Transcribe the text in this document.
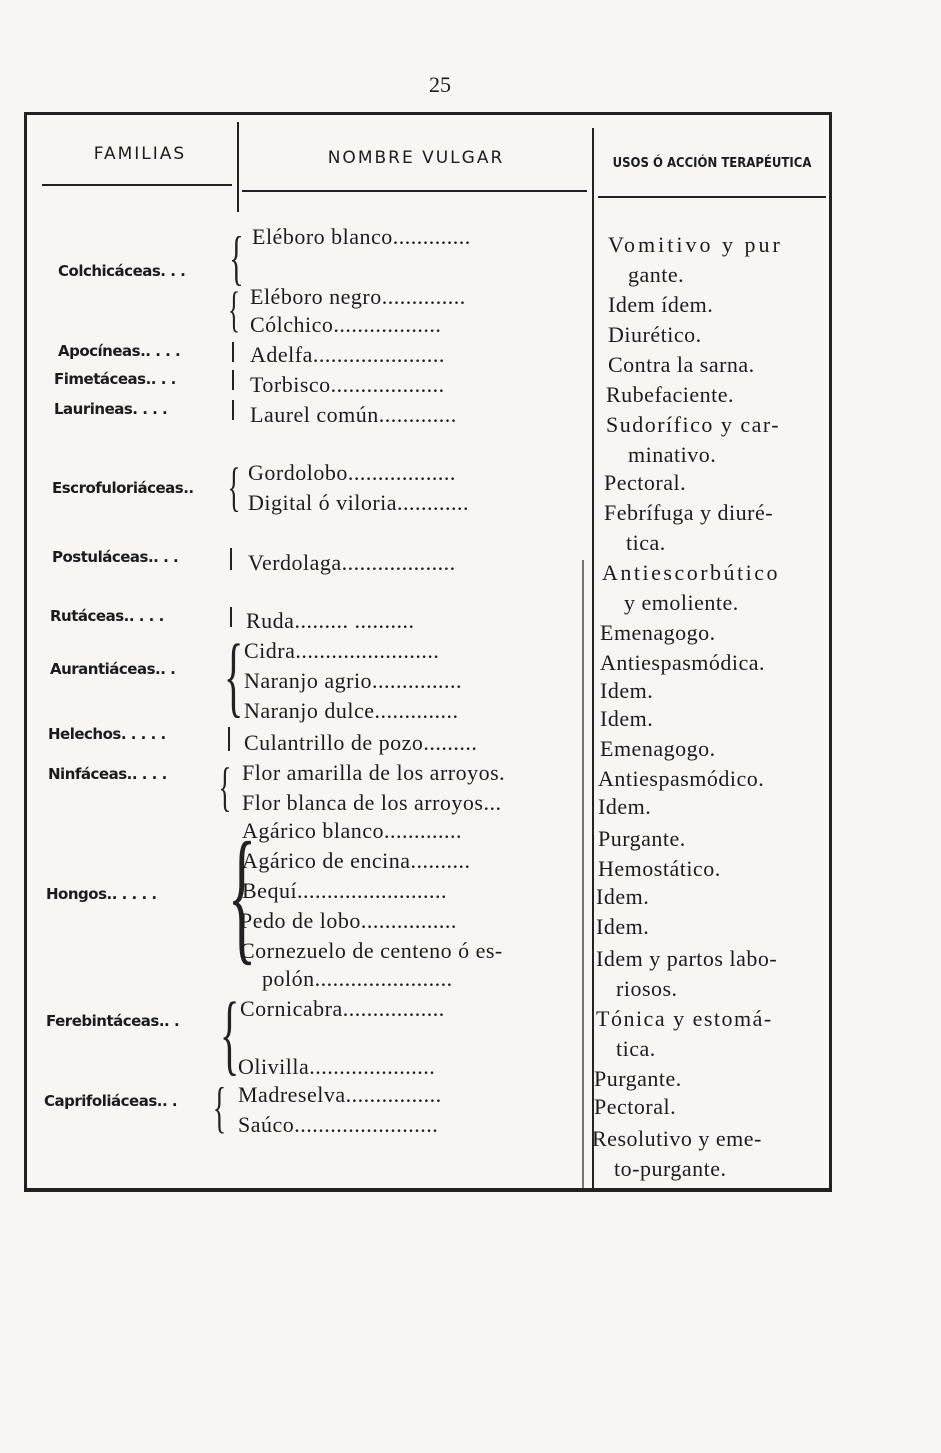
25
FAMILIAS	NOMBRE VULGAR	USOS Ó ACCIÓN TERAPÉUTICA
Colchicáceas. . .
Apocíneas.. . . .
Fimetáceas.. . .
Laurineas. . . .
Escrofuloriáceas..
Postuláceas.. . .
Rutáceas.. . . .
Aurantiáceas.. .
Helechos. . . . .
Ninfáceas.. . . .
Hongos.. . . . .
Ferebintáceas.. .
Caprifoliáceas.. .
{
{
{
{
{
{
{
{
Eléboro blanco.............
Eléboro negro..............
Cólchico..................
Adelfa......................
Torbisco...................
Laurel común.............
Gordolobo..................
Digital ó viloria............
Verdolaga...................
Ruda......... ..........
Cidra........................
Naranjo agrio...............
Naranjo dulce..............
Culantrillo de pozo.........
Flor amarilla de los arroyos.
Flor blanca de los arroyos...
Agárico blanco.............
Agárico de encina..........
Bequí.........................
Pedo de lobo................
Cornezuelo de centeno ó es-
polón.......................
Cornicabra.................
Olivilla.....................
Madreselva................
Saúco........................
Vomitivo y pur
gante.
Idem ídem.
Diurético.
Contra la sarna.
Rubefaciente.
Sudorífico y car-
minativo.
Pectoral.
Febrífuga y diuré-
tica.
Antiescorbútico
y emoliente.
Emenagogo.
Antiespasmódica.
Idem.
Idem.
Emenagogo.
Antiespasmódico.
Idem.
Purgante.
Hemostático.
Idem.
Idem.
Idem y partos labo-
riosos.
Tónica y estomá-
tica.
Purgante.
Pectoral.
Resolutivo y eme-
to-purgante.
